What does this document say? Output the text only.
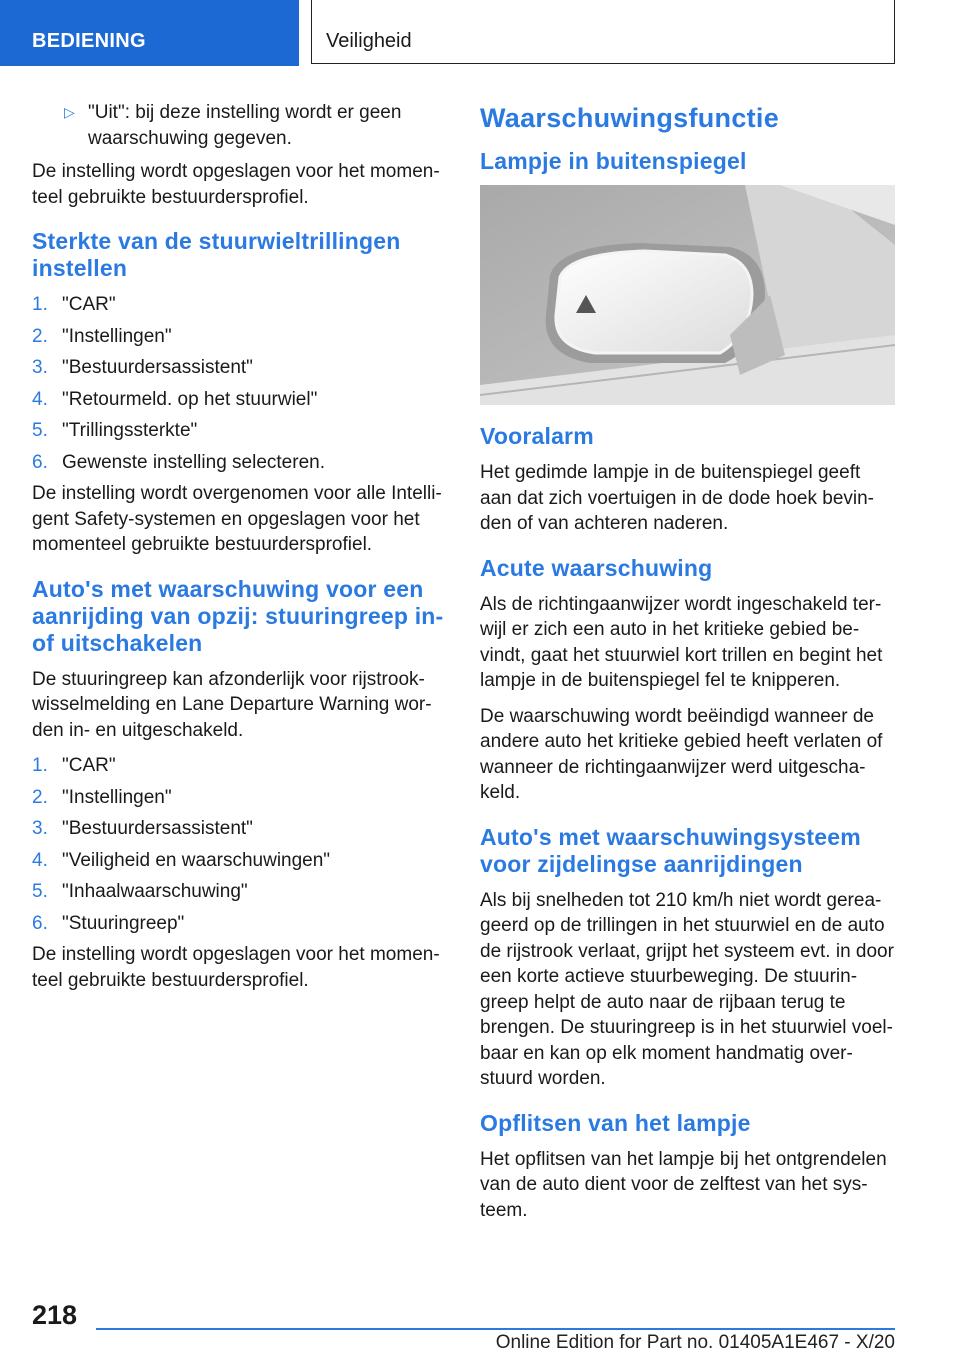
BEDIENING	Veiligheid
▷ "Uit": bij deze instelling wordt er geen waarschuwing gegeven.

De instelling wordt opgeslagen voor het momen-teel gebruikte bestuurdersprofiel.

Sterkte van de stuurwieltrillingen instellen
1. "CAR"
2. "Instellingen"
3. "Bestuurdersassistent"
4. "Retourmeld. op het stuurwiel"
5. "Trillingssterkte"
6. Gewenste instelling selecteren.

De instelling wordt overgenomen voor alle Intelli-gent Safety-systemen en opgeslagen voor het momenteel gebruikte bestuurdersprofiel.

Auto's met waarschuwing voor een aanrijding van opzij: stuuringreep in- of uitschakelen

De stuuringreep kan afzonderlijk voor rijstrook-wisselmelding en Lane Departure Warning wor-den in- en uitgeschakeld.

1. "CAR"
2. "Instellingen"
3. "Bestuurdersassistent"
4. "Veiligheid en waarschuwingen"
5. "Inhaalwaarschuwing"
6. "Stuuringreep"

De instelling wordt opgeslagen voor het momen-teel gebruikte bestuurdersprofiel.

Waarschuwingsfunctie
Lampje in buitenspiegel
Vooralarm

Het gedimde lampje in de buitenspiegel geeft aan dat zich voertuigen in de dode hoek bevin-den of van achteren naderen.

Acute waarschuwing

Als de richtingaanwijzer wordt ingeschakeld ter-wijl er zich een auto in het kritieke gebied be-vindt, gaat het stuurwiel kort trillen en begint het lampje in de buitenspiegel fel te knipperen.

De waarschuwing wordt beëindigd wanneer de andere auto het kritieke gebied heeft verlaten of wanneer de richtingaanwijzer werd uitgescha-keld.

Auto's met waarschuwingsysteem voor zijdelingse aanrijdingen

Als bij snelheden tot 210 km/h niet wordt gerea-geerd op de trillingen in het stuurwiel en de auto de rijstrook verlaat, grijpt het systeem evt. in door een korte actieve stuurbeweging. De stuurin-greep helpt de auto naar de rijbaan terug te brengen. De stuuringreep is in het stuurwiel voel-baar en kan op elk moment handmatig over-stuurd worden.

Opflitsen van het lampje

Het opflitsen van het lampje bij het ontgrendelen van de auto dient voor de zelftest van het sys-teem.

218
Online Edition for Part no. 01405A1E467 - X/20
